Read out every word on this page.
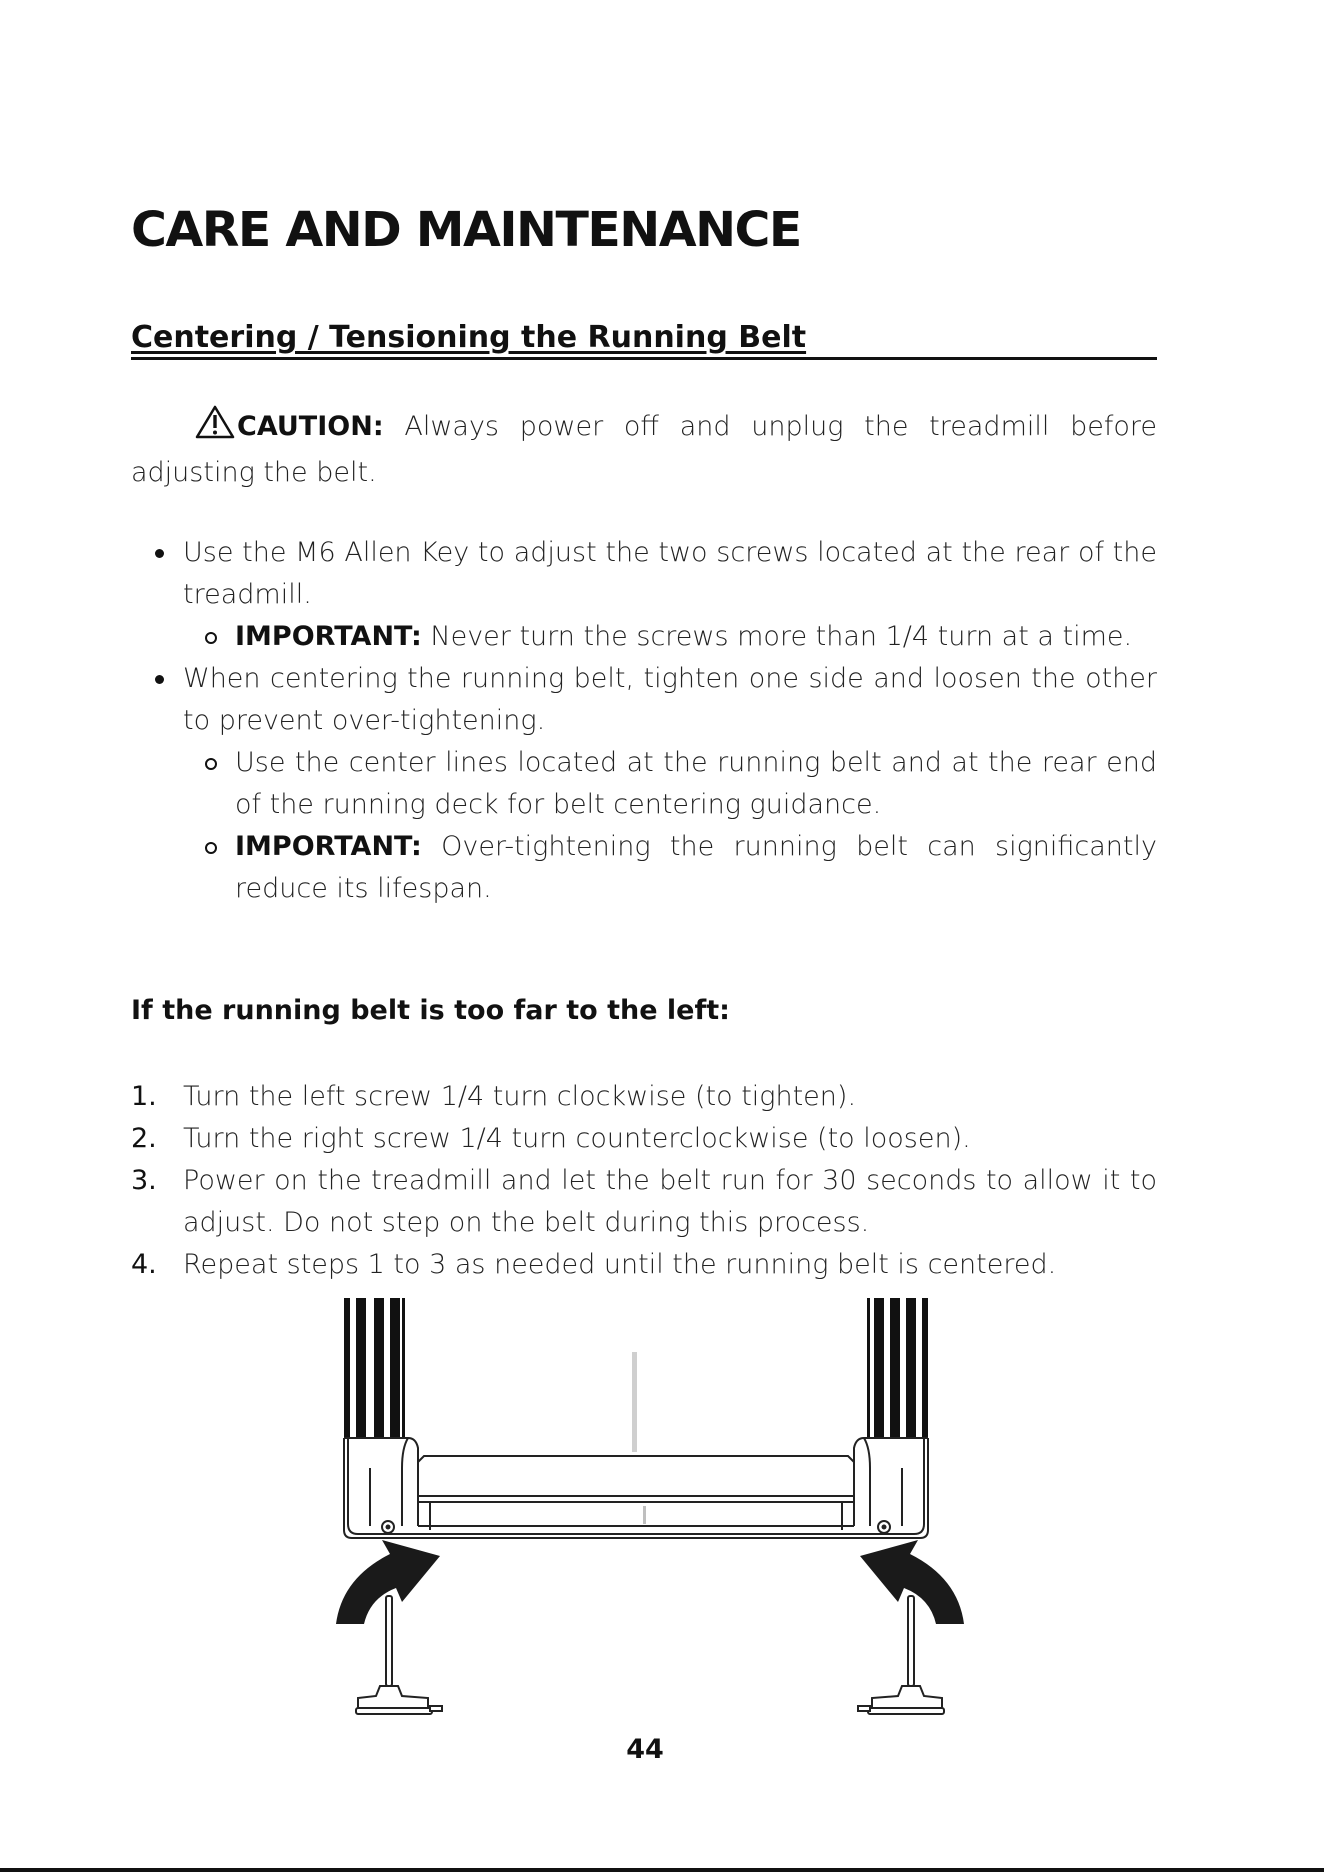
CARE AND MAINTENANCE
Centering / Tensioning the Running Belt

CAUTION: Always power off and unplug the treadmill before adjusting the belt.

Use the M6 Allen Key to adjust the two screws located at the rear of the treadmill.
IMPORTANT: Never turn the screws more than 1/4 turn at a time.
When centering the running belt, tighten one side and loosen the other to prevent over-tightening.
Use the center lines located at the running belt and at the rear end of the running deck for belt centering guidance.
IMPORTANT: Over-tightening the running belt can significantly reduce its lifespan.
If the running belt is too far to the left:
1. Turn the left screw 1/4 turn clockwise (to tighten).
2. Turn the right screw 1/4 turn counterclockwise (to loosen).
3. Power on the treadmill and let the belt run for 30 seconds to allow it to adjust. Do not step on the belt during this process.
4. Repeat steps 1 to 3 as needed until the running belt is centered.
44
